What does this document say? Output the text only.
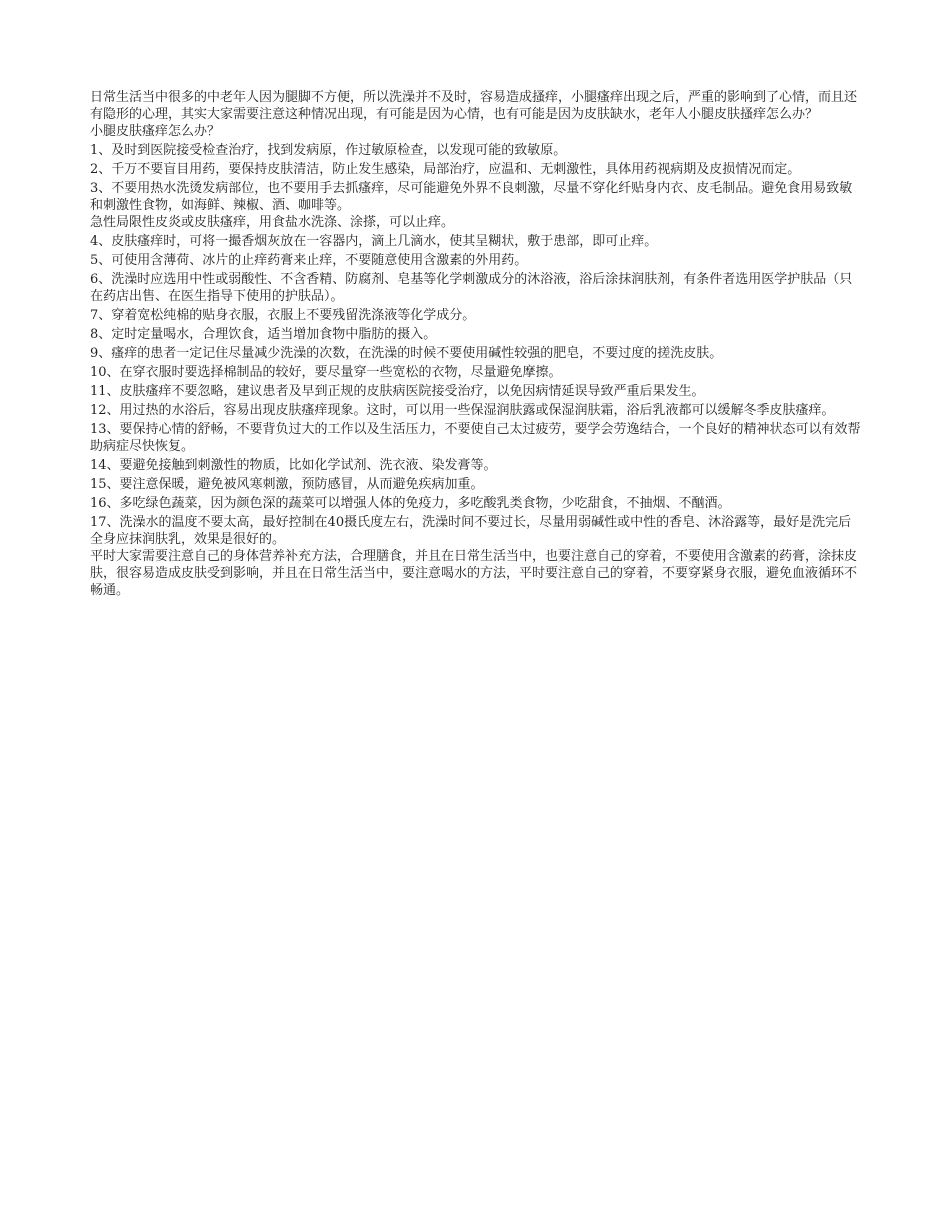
日常生活当中很多的中老年人因为腿脚不方便，所以洗澡并不及时，容易造成搔痒，小腿瘙痒出现之后，严重的影响到了心情，而且还有隐形的心理，其实大家需要注意这种情况出现，有可能是因为心情，也有可能是因为皮肤缺水，老年人小腿皮肤搔痒怎么办？

小腿皮肤瘙痒怎么办？

1、及时到医院接受检查治疗，找到发病原，作过敏原检查，以发现可能的致敏原。

2、千万不要盲目用药，要保持皮肤清洁，防止发生感染，局部治疗，应温和、无刺激性，具体用药视病期及皮损情况而定。

3、不要用热水洗烫发病部位，也不要用手去抓瘙痒，尽可能避免外界不良刺激，尽量不穿化纤贴身内衣、皮毛制品。避免食用易致敏和刺激性食物，如海鲜、辣椒、酒、咖啡等。

急性局限性皮炎或皮肤瘙痒，用食盐水洗涤、涂搽，可以止痒。

4、皮肤瘙痒时，可将一撮香烟灰放在一容器内，滴上几滴水，使其呈糊状，敷于患部，即可止痒。

5、可使用含薄荷、冰片的止痒药膏来止痒，不要随意使用含激素的外用药。

6、洗澡时应选用中性或弱酸性、不含香精、防腐剂、皂基等化学刺激成分的沐浴液，浴后涂抹润肤剂，有条件者选用医学护肤品（只在药店出售、在医生指导下使用的护肤品）。

7、穿着宽松纯棉的贴身衣服，衣服上不要残留洗涤液等化学成分。

8、定时定量喝水，合理饮食，适当增加食物中脂肪的摄入。

9、瘙痒的患者一定记住尽量减少洗澡的次数，在洗澡的时候不要使用碱性较强的肥皂，不要过度的搓洗皮肤。

10、在穿衣服时要选择棉制品的较好，要尽量穿一些宽松的衣物，尽量避免摩擦。

11、皮肤瘙痒不要忽略，建议患者及早到正规的皮肤病医院接受治疗，以免因病情延误导致严重后果发生。

12、用过热的水浴后，容易出现皮肤瘙痒现象。这时，可以用一些保湿润肤露或保湿润肤霜，浴后乳液都可以缓解冬季皮肤瘙痒。

13、要保持心情的舒畅，不要背负过大的工作以及生活压力，不要使自己太过疲劳，要学会劳逸结合，一个良好的精神状态可以有效帮助病症尽快恢复。

14、要避免接触到刺激性的物质，比如化学试剂、洗衣液、染发膏等。

15、要注意保暖，避免被风寒刺激，预防感冒，从而避免疾病加重。

16、多吃绿色蔬菜，因为颜色深的蔬菜可以增强人体的免疫力，多吃酸乳类食物，少吃甜食，不抽烟、不酗酒。

17、洗澡水的温度不要太高，最好控制在40摄氏度左右，洗澡时间不要过长，尽量用弱碱性或中性的香皂、沐浴露等，最好是洗完后全身应抹润肤乳，效果是很好的。

平时大家需要注意自己的身体营养补充方法，合理膳食，并且在日常生活当中，也要注意自己的穿着，不要使用含激素的药膏，涂抹皮肤，很容易造成皮肤受到影响，并且在日常生活当中，要注意喝水的方法，平时要注意自己的穿着，不要穿紧身衣服，避免血液循环不畅通。
